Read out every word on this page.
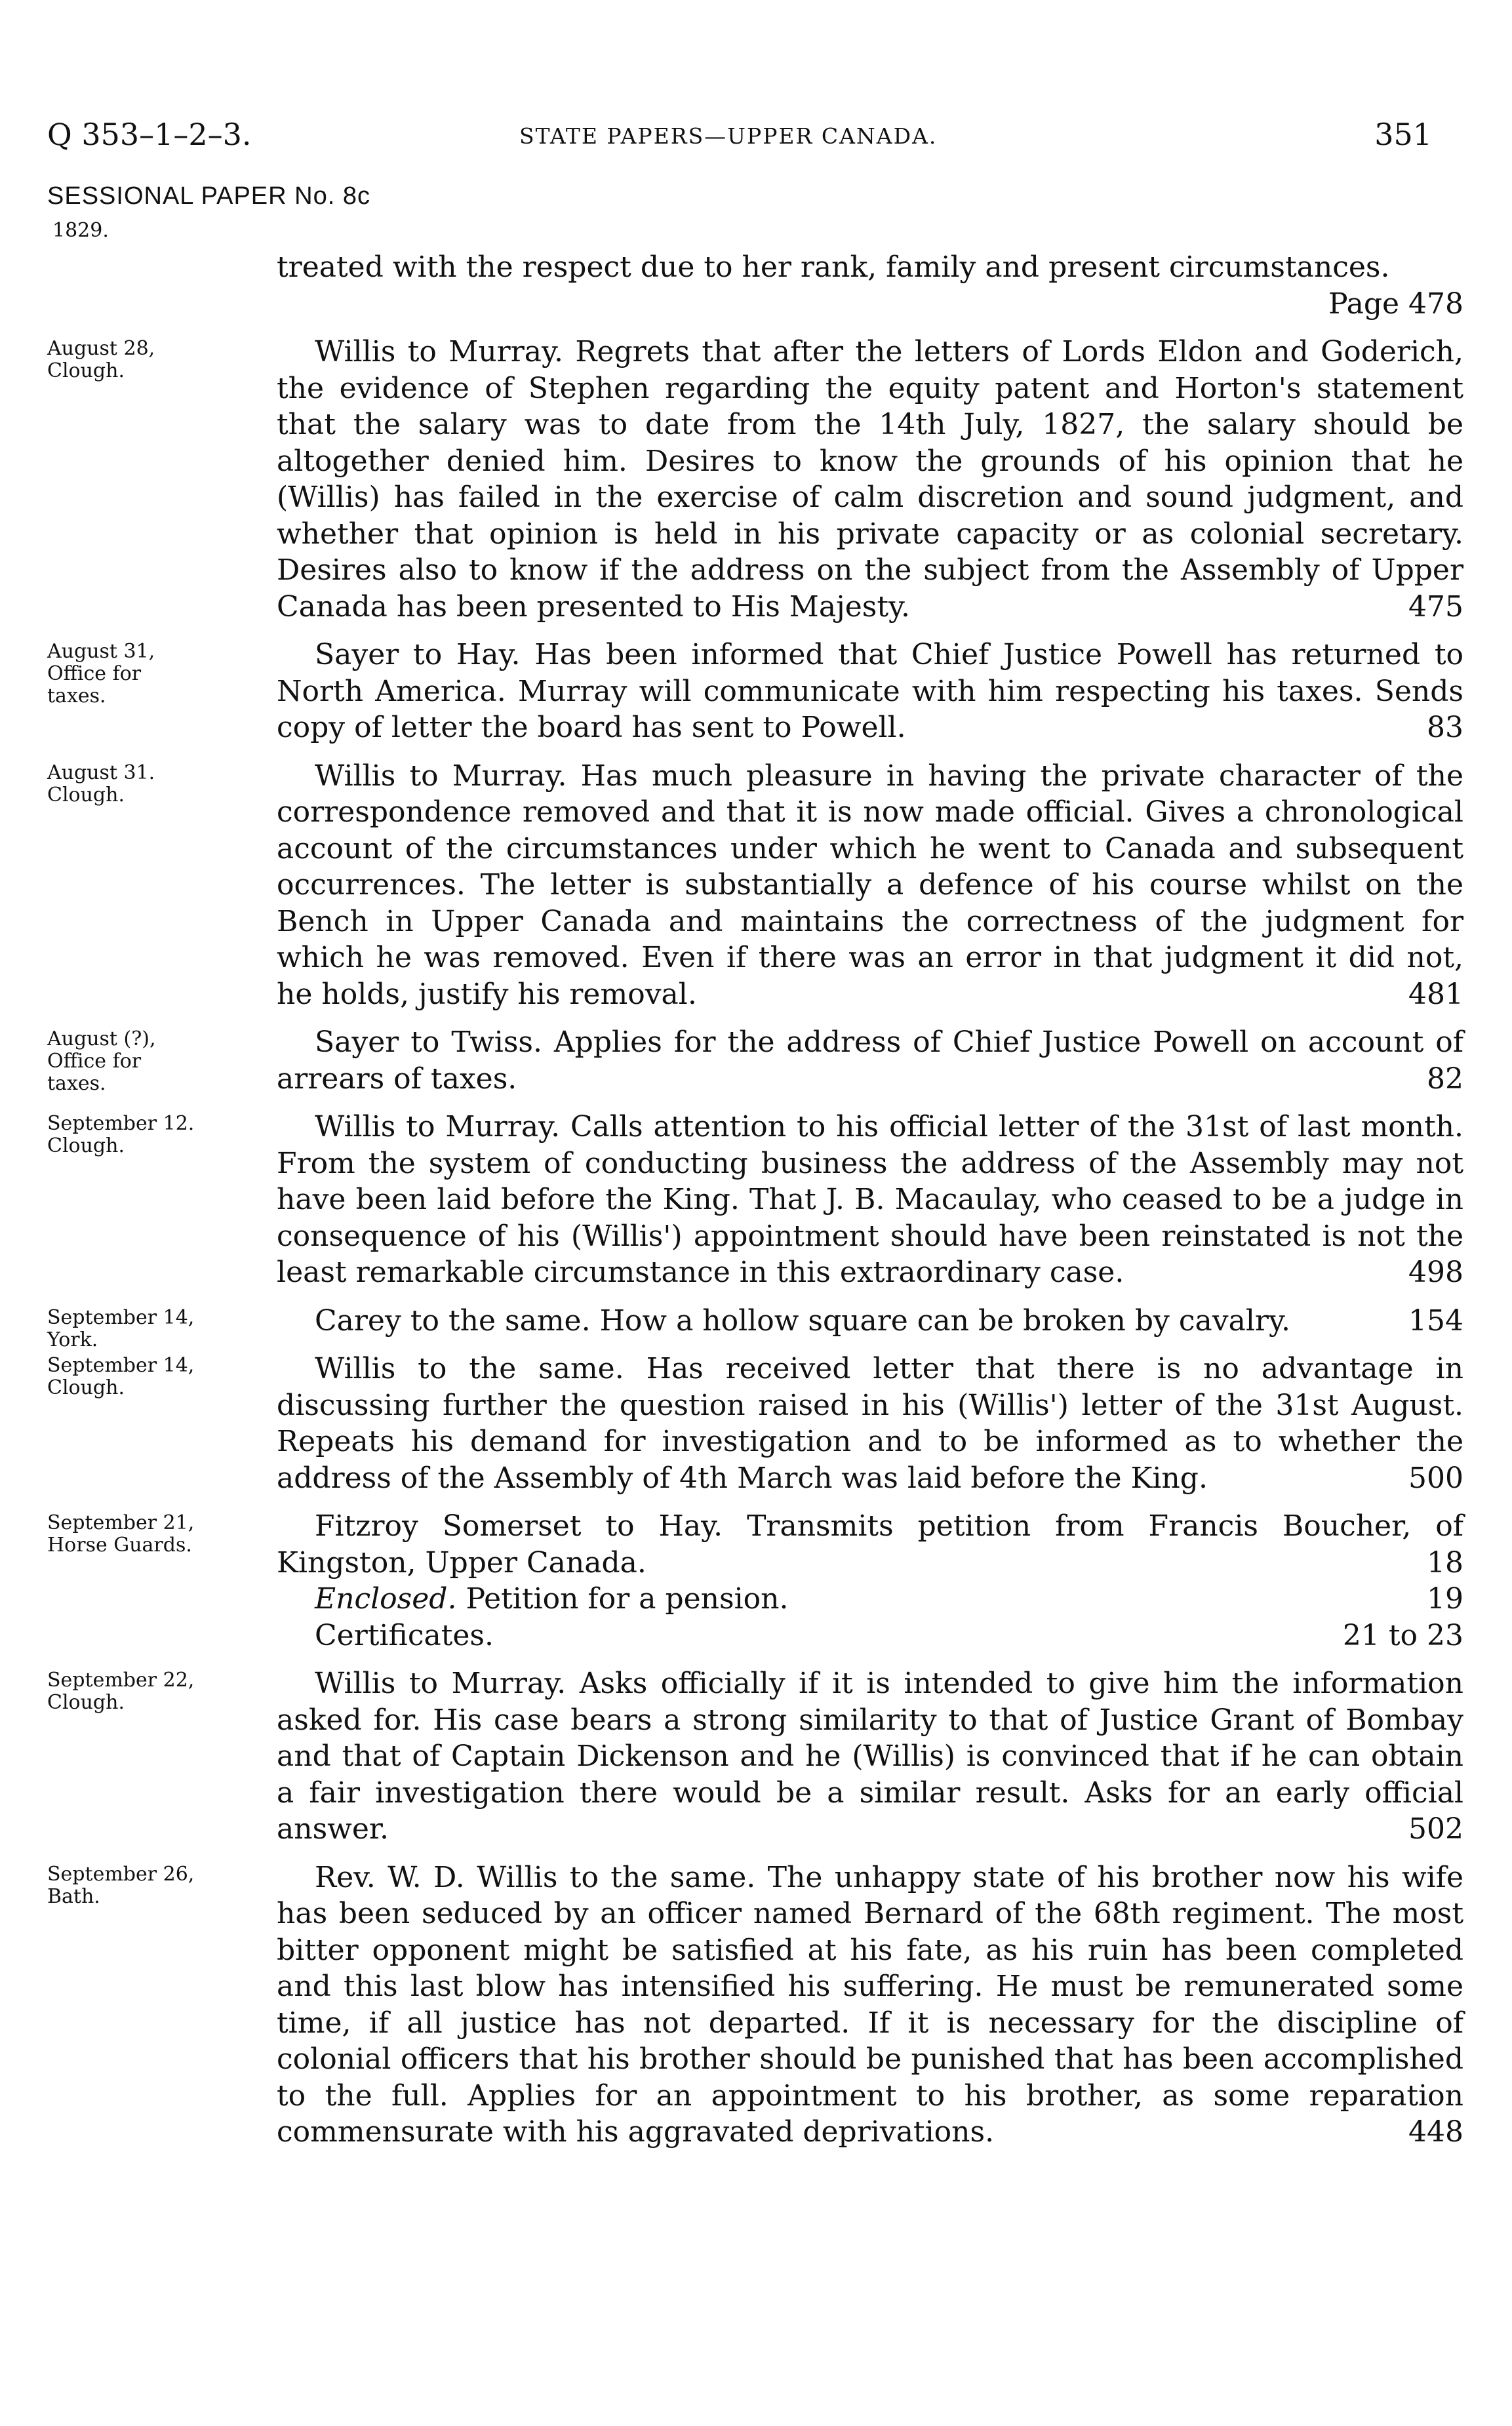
Q 353–1–2–3.	STATE PAPERS—UPPER CANADA.	351
SESSIONAL PAPER No. 8c
1829.
treated with the respect due to her rank, family and present circumstances.
Page 478
August 28,
Clough.
Willis to Murray. Regrets that after the letters of Lords Eldon and Goderich, the evidence of Stephen regarding the equity patent and Horton's statement that the salary was to date from the 14th July, 1827, the salary should be altogether denied him. Desires to know the grounds of his opinion that he (Willis) has failed in the exercise of calm discretion and sound judgment, and whether that opinion is held in his private capacity or as colonial secretary. Desires also to know if the address on the subject from the Assembly of Upper Canada has been presented to His Majesty.	475
August 31,
Office for
taxes.
Sayer to Hay. Has been informed that Chief Justice Powell has returned to North America. Murray will communicate with him respecting his taxes. Sends copy of letter the board has sent to Powell.	83
August 31.
Clough.
Willis to Murray. Has much pleasure in having the private character of the correspondence removed and that it is now made official. Gives a chronological account of the circumstances under which he went to Canada and subsequent occurrences. The letter is substantially a defence of his course whilst on the Bench in Upper Canada and maintains the correctness of the judgment for which he was removed. Even if there was an error in that judgment it did not, he holds, justify his removal.	481
August (?),
Office for
taxes.
Sayer to Twiss. Applies for the address of Chief Justice Powell on account of arrears of taxes.	82
September 12.
Clough.
Willis to Murray. Calls attention to his official letter of the 31st of last month. From the system of conducting business the address of the Assembly may not have been laid before the King. That J. B. Macaulay, who ceased to be a judge in consequence of his (Willis') appointment should have been reinstated is not the least remarkable circumstance in this extraordinary case.	498
September 14,
York.
Carey to the same. How a hollow square can be broken by cavalry.	154
September 14,
Clough.
Willis to the same. Has received letter that there is no advantage in discussing further the question raised in his (Willis') letter of the 31st August. Repeats his demand for investigation and to be informed as to whether the address of the Assembly of 4th March was laid before the King.	500
September 21,
Horse Guards.
Fitzroy Somerset to Hay. Transmits petition from Francis Boucher, of Kingston, Upper Canada.	18
Enclosed. Petition for a pension.	19
Certificates.	21 to 23
September 22,
Clough.
Willis to Murray. Asks officially if it is intended to give him the information asked for. His case bears a strong similarity to that of Justice Grant of Bombay and that of Captain Dickenson and he (Willis) is convinced that if he can obtain a fair investigation there would be a similar result. Asks for an early official answer.	502
September 26,
Bath.
Rev. W. D. Willis to the same. The unhappy state of his brother now his wife has been seduced by an officer named Bernard of the 68th regiment. The most bitter opponent might be satisfied at his fate, as his ruin has been completed and this last blow has intensified his suffering. He must be remunerated some time, if all justice has not departed. If it is necessary for the discipline of colonial officers that his brother should be punished that has been accomplished to the full. Applies for an appointment to his brother, as some reparation commensurate with his aggravated deprivations.	448
